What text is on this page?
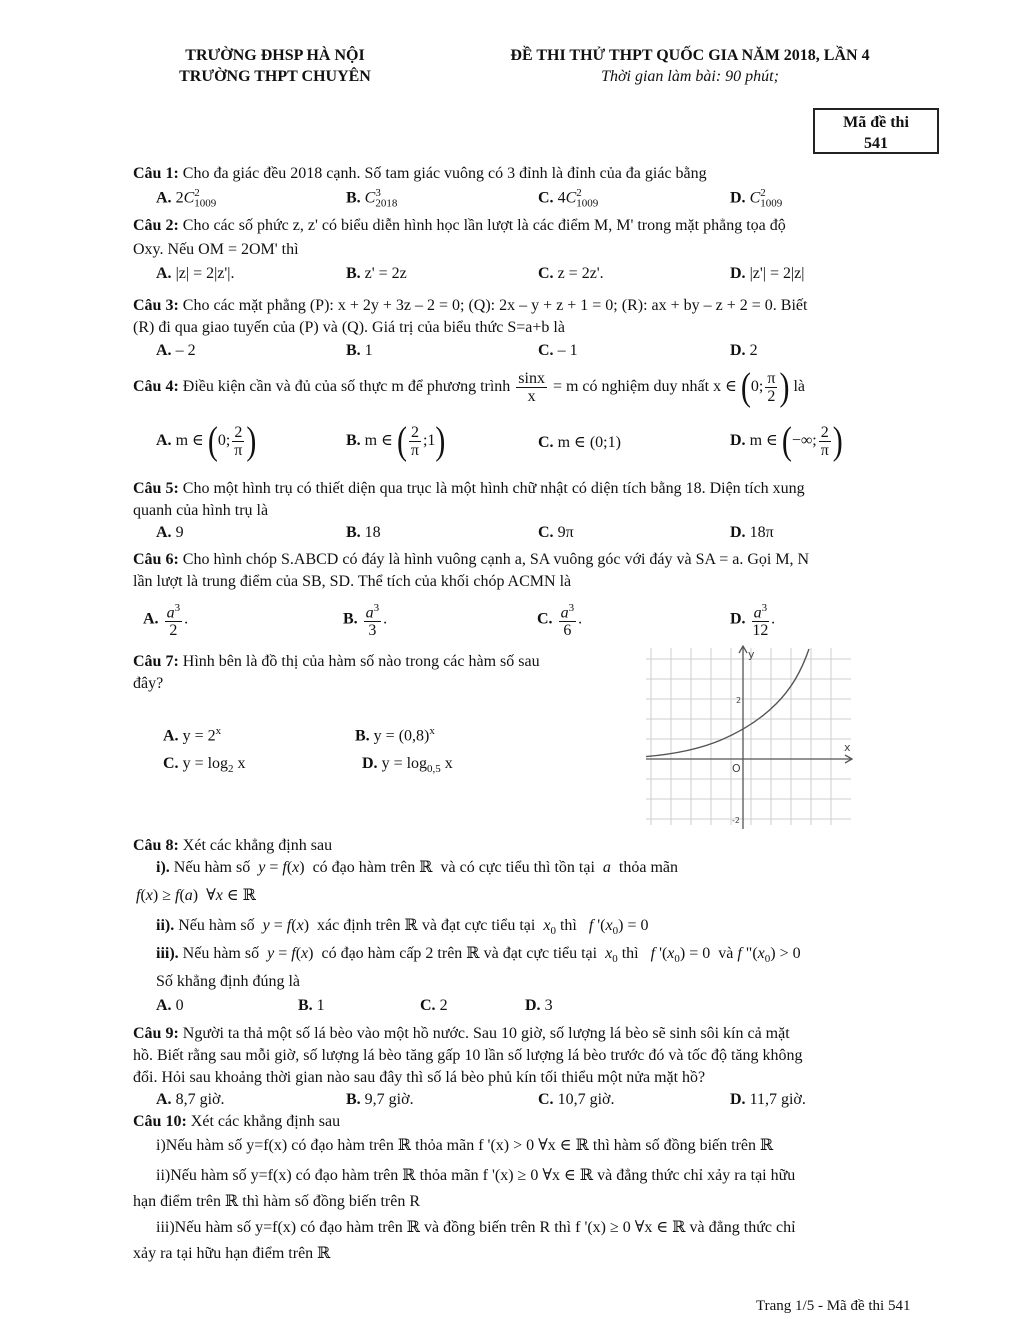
TRƯỜNG ĐHSP HÀ NỘI
TRƯỜNG THPT CHUYÊN
ĐỀ THI THỬ THPT QUỐC GIA NĂM 2018, LẦN 4
Thời gian làm bài: 90 phút;
Mã đề thi
541
Câu 1: Cho đa giác đều 2018 cạnh. Số tam giác vuông có 3 đỉnh là đỉnh của đa giác bằng
A. $2C_{1009}^2$	B. $C_{2018}^3$	C. $4C_{1009}^2$	D. $C_{1009}^2$
Câu 2: Cho các số phức z, z' có biểu diễn hình học lần lượt là các điểm M, M' trong mặt phẳng tọa độ
Oxy. Nếu OM = 2OM' thì
A. |z| = 2|z'|.	B. z' = 2z	C. z = 2z'.	D. |z'| = 2|z|
Câu 3: Cho các mặt phẳng (P): x + 2y + 3z – 2 = 0; (Q): 2x – y + z + 1 = 0; (R): ax + by – z + 2 = 0. Biết
(R) đi qua giao tuyến của (P) và (Q). Giá trị của biểu thức S=a+b là
A. – 2	B. 1	C. – 1	D. 2
Câu 4: Điều kiện cần và đủ của số thực m để phương trình $\frac{\sin x}{x} = m$ có nghiệm duy nhất x ∈ (0; $\frac{\pi}{2}$ ) là
A. m ∈ (0; $\frac{2}{\pi}$ )	B. m ∈ ( $\frac{2}{\pi}$ ;1)	C. m ∈ (0;1)	D. m ∈ (−∞; $\frac{2}{\pi}$ )
Câu 5: Cho một hình trụ có thiết diện qua trục là một hình chữ nhật có diện tích bằng 18. Diện tích xung
quanh của hình trụ là
A. 9	B. 18	C. 9π	D. 18π
Câu 6: Cho hình chóp S.ABCD có đáy là hình vuông cạnh a, SA vuông góc với đáy và SA = a. Gọi M, N
lần lượt là trung điểm của SB, SD. Thể tích của khối chóp ACMN là
A. $\frac{a^3}{2}$ .	B. $\frac{a^3}{3}$ .	C. $\frac{a^3}{6}$ .	D. $\frac{a^3}{12}$ .
Câu 7: Hình bên là đồ thị của hàm số nào trong các hàm số sau
đây?
A. $y = 2^x$	B. $y = (0,8)^x$
C. $y = \log_2 x$	D. $y = \log_{0,5} x$
y
x
O
2
-2
Câu 8: Xét các khẳng định sau
i). Nếu hàm số  y = f(x)  có đạo hàm trên ℝ  và có cực tiểu thì tồn tại  a  thỏa mãn
f(x) ≥ f(a)  ∀x ∈ ℝ
ii). Nếu hàm số  y = f(x)  xác định trên ℝ và đạt cực tiểu tại  $x_0$ thì   f '$(x_0) = 0$
iii). Nếu hàm số  y = f(x)  có đạo hàm cấp 2 trên ℝ và đạt cực tiểu tại  $x_0$ thì   f '$(x_0) = 0$  và f "$(x_0) > 0$
Số khẳng định đúng là
A. 0	B. 1	C. 2	D. 3
Câu 9: Người ta thả một số lá bèo vào một hồ nước. Sau 10 giờ, số lượng lá bèo sẽ sinh sôi kín cả mặt
hồ. Biết rằng sau mỗi giờ, số lượng lá bèo tăng gấp 10 lần số lượng lá bèo trước đó và tốc độ tăng không
đổi. Hỏi sau khoảng thời gian nào sau đây thì số lá bèo phủ kín tối thiểu một nửa mặt hồ?
A. 8,7 giờ.	B. 9,7 giờ.	C. 10,7 giờ.	D. 11,7 giờ.
Câu 10: Xét các khẳng định sau
i)Nếu hàm số y=f(x) có đạo hàm trên ℝ thỏa mãn f '(x) > 0 ∀x ∈ ℝ thì hàm số đồng biến trên ℝ
ii)Nếu hàm số y=f(x) có đạo hàm trên ℝ thỏa mãn f '(x) ≥ 0 ∀x ∈ ℝ và đẳng thức chỉ xảy ra tại hữu
hạn điểm trên ℝ thì hàm số đồng biến trên R
iii)Nếu hàm số y=f(x) có đạo hàm trên ℝ và đồng biến trên R thì f '(x) ≥ 0 ∀x ∈ ℝ và đẳng thức chỉ
xảy ra tại hữu hạn điểm trên ℝ
Trang 1/5 - Mã đề thi 541
